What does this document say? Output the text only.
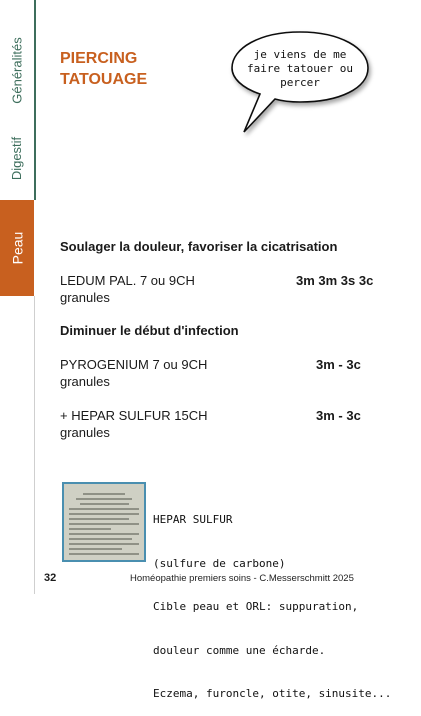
Généralités
Digestif
Peau
PIERCING
TATOUAGE
je viens de me
faire tatouer ou
percer
Soulager la douleur, favoriser la cicatrisation
LEDUM PAL. 7 ou 9CH	3m 3m 3s 3c
granules
Diminuer le début d'infection
PYROGENIUM 7 ou 9CH	3m - 3c
granules
+ HEPAR SULFUR 15CH	3m - 3c
granules

HEPAR SULFUR

(sulfure de carbone)

Cible peau et ORL: suppuration,

douleur comme une écharde.

Eczema, furoncle, otite, sinusite...

32	Homéopathie premiers soins - C.Messerschmitt 2025
